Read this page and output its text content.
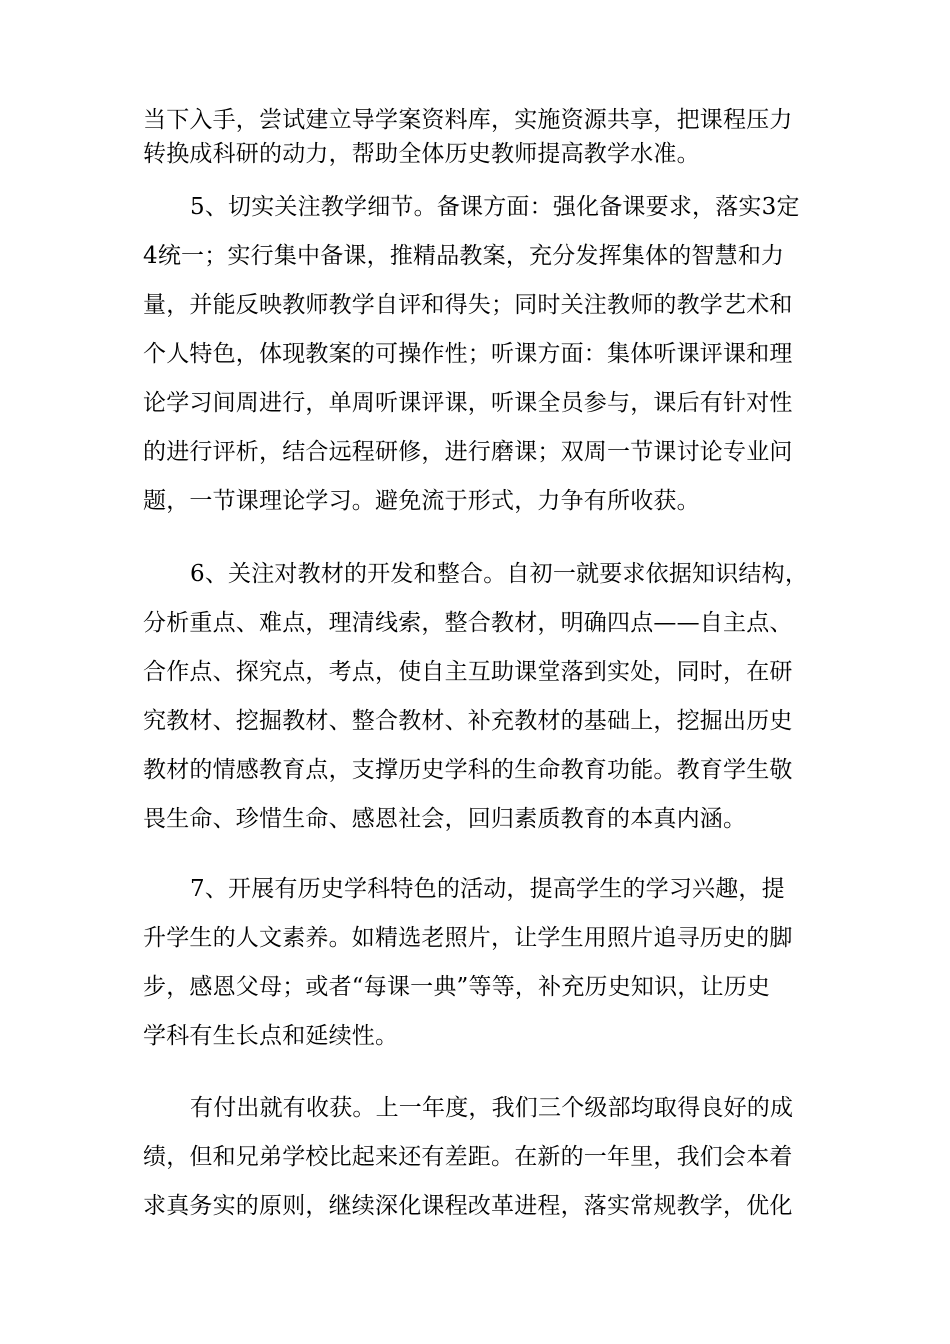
当下入手，尝试建立导学案资料库，实施资源共享，把课程压力
转换成科研的动力，帮助全体历史教师提高教学水准。
5、切实关注教学细节。备课方面：强化备课要求，落实3定
4统一；实行集中备课，推精品教案，充分发挥集体的智慧和力
量，并能反映教师教学自评和得失；同时关注教师的教学艺术和
个人特色，体现教案的可操作性；听课方面：集体听课评课和理
论学习间周进行，单周听课评课，听课全员参与，课后有针对性
的进行评析，结合远程研修，进行磨课；双周一节课讨论专业问
题，一节课理论学习。避免流于形式，力争有所收获。
6、关注对教材的开发和整合。自初一就要求依据知识结构，
分析重点、难点，理清线索，整合教材，明确四点——自主点、
合作点、探究点，考点，使自主互助课堂落到实处，同时，在研
究教材、挖掘教材、整合教材、补充教材的基础上，挖掘出历史
教材的情感教育点，支撑历史学科的生命教育功能。教育学生敬
畏生命、珍惜生命、感恩社会，回归素质教育的本真内涵。
7、开展有历史学科特色的活动，提高学生的学习兴趣，提
升学生的人文素养。如精选老照片，让学生用照片追寻历史的脚
步，感恩父母；或者“每课一典”等等，补充历史知识，让历史
学科有生长点和延续性。
有付出就有收获。上一年度，我们三个级部均取得良好的成
绩，但和兄弟学校比起来还有差距。在新的一年里，我们会本着
求真务实的原则，继续深化课程改革进程，落实常规教学，优化
